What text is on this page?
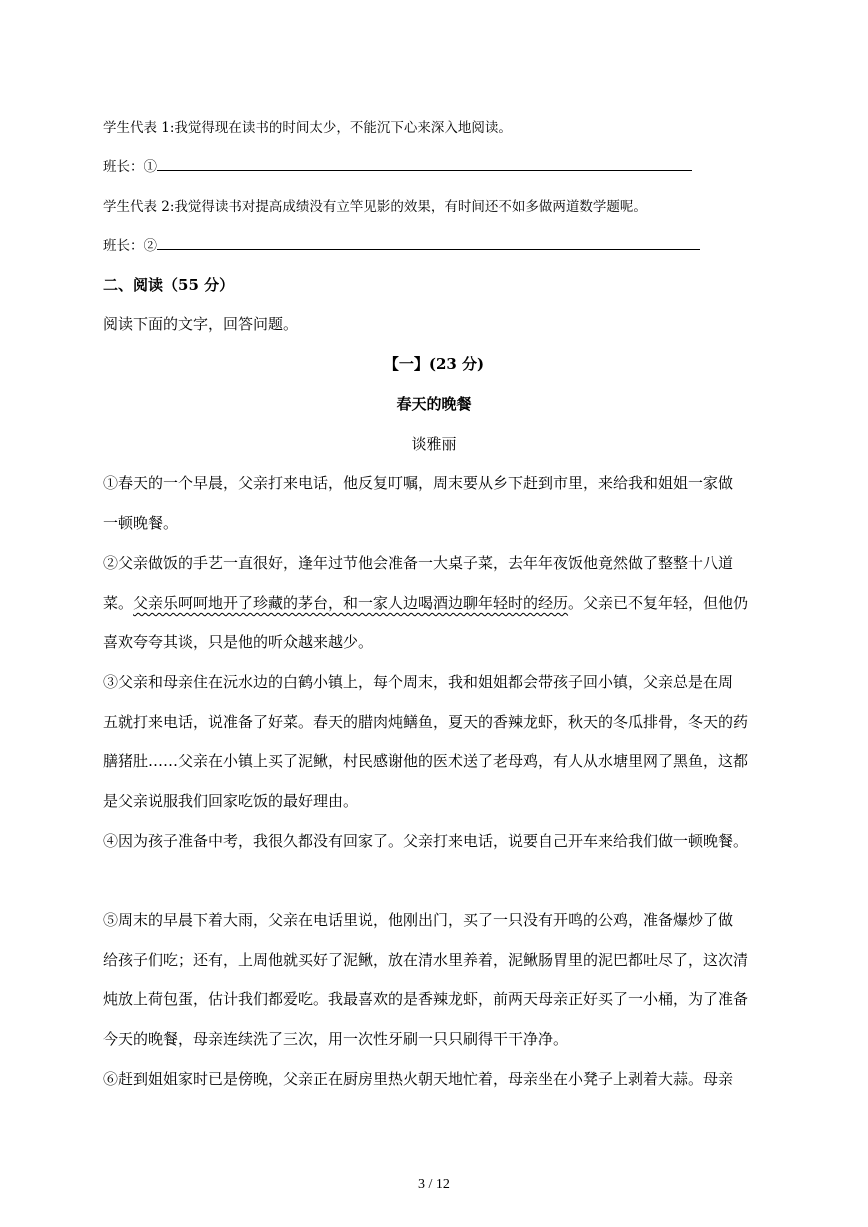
学生代表 1:我觉得现在读书的时间太少，不能沉下心来深入地阅读。
班长：①
学生代表 2:我觉得读书对提高成绩没有立竿见影的效果，有时间还不如多做两道数学题呢。
班长：②
二、阅读（55 分）
阅读下面的文字，回答问题。
【一】(23 分)
春天的晚餐
谈雅丽
①春天的一个早晨，父亲打来电话，他反复叮嘱，周末要从乡下赶到市里，来给我和姐姐一家做
一顿晚餐。
②父亲做饭的手艺一直很好，逢年过节他会准备一大桌子菜，去年年夜饭他竟然做了整整十八道
菜。父亲乐呵呵地开了珍藏的茅台，和一家人边喝酒边聊年轻时的经历。父亲已不复年轻，但他仍
喜欢夸夸其谈，只是他的听众越来越少。
③父亲和母亲住在沅水边的白鹤小镇上，每个周末，我和姐姐都会带孩子回小镇，父亲总是在周
五就打来电话，说准备了好菜。春天的腊肉炖鳝鱼，夏天的香辣龙虾，秋天的冬瓜排骨，冬天的药
膳猪肚……父亲在小镇上买了泥鳅，村民感谢他的医术送了老母鸡，有人从水塘里网了黑鱼，这都
是父亲说服我们回家吃饭的最好理由。
④因为孩子准备中考，我很久都没有回家了。父亲打来电话，说要自己开车来给我们做一顿晚餐。
⑤周末的早晨下着大雨，父亲在电话里说，他刚出门，买了一只没有开鸣的公鸡，准备爆炒了做
给孩子们吃；还有，上周他就买好了泥鳅，放在清水里养着，泥鳅肠胃里的泥巴都吐尽了，这次清
炖放上荷包蛋，估计我们都爱吃。我最喜欢的是香辣龙虾，前两天母亲正好买了一小桶，为了准备
今天的晚餐，母亲连续洗了三次，用一次性牙刷一只只刷得干干净净。
⑥赶到姐姐家时已是傍晚，父亲正在厨房里热火朝天地忙着，母亲坐在小凳子上剥着大蒜。母亲
3 / 12
